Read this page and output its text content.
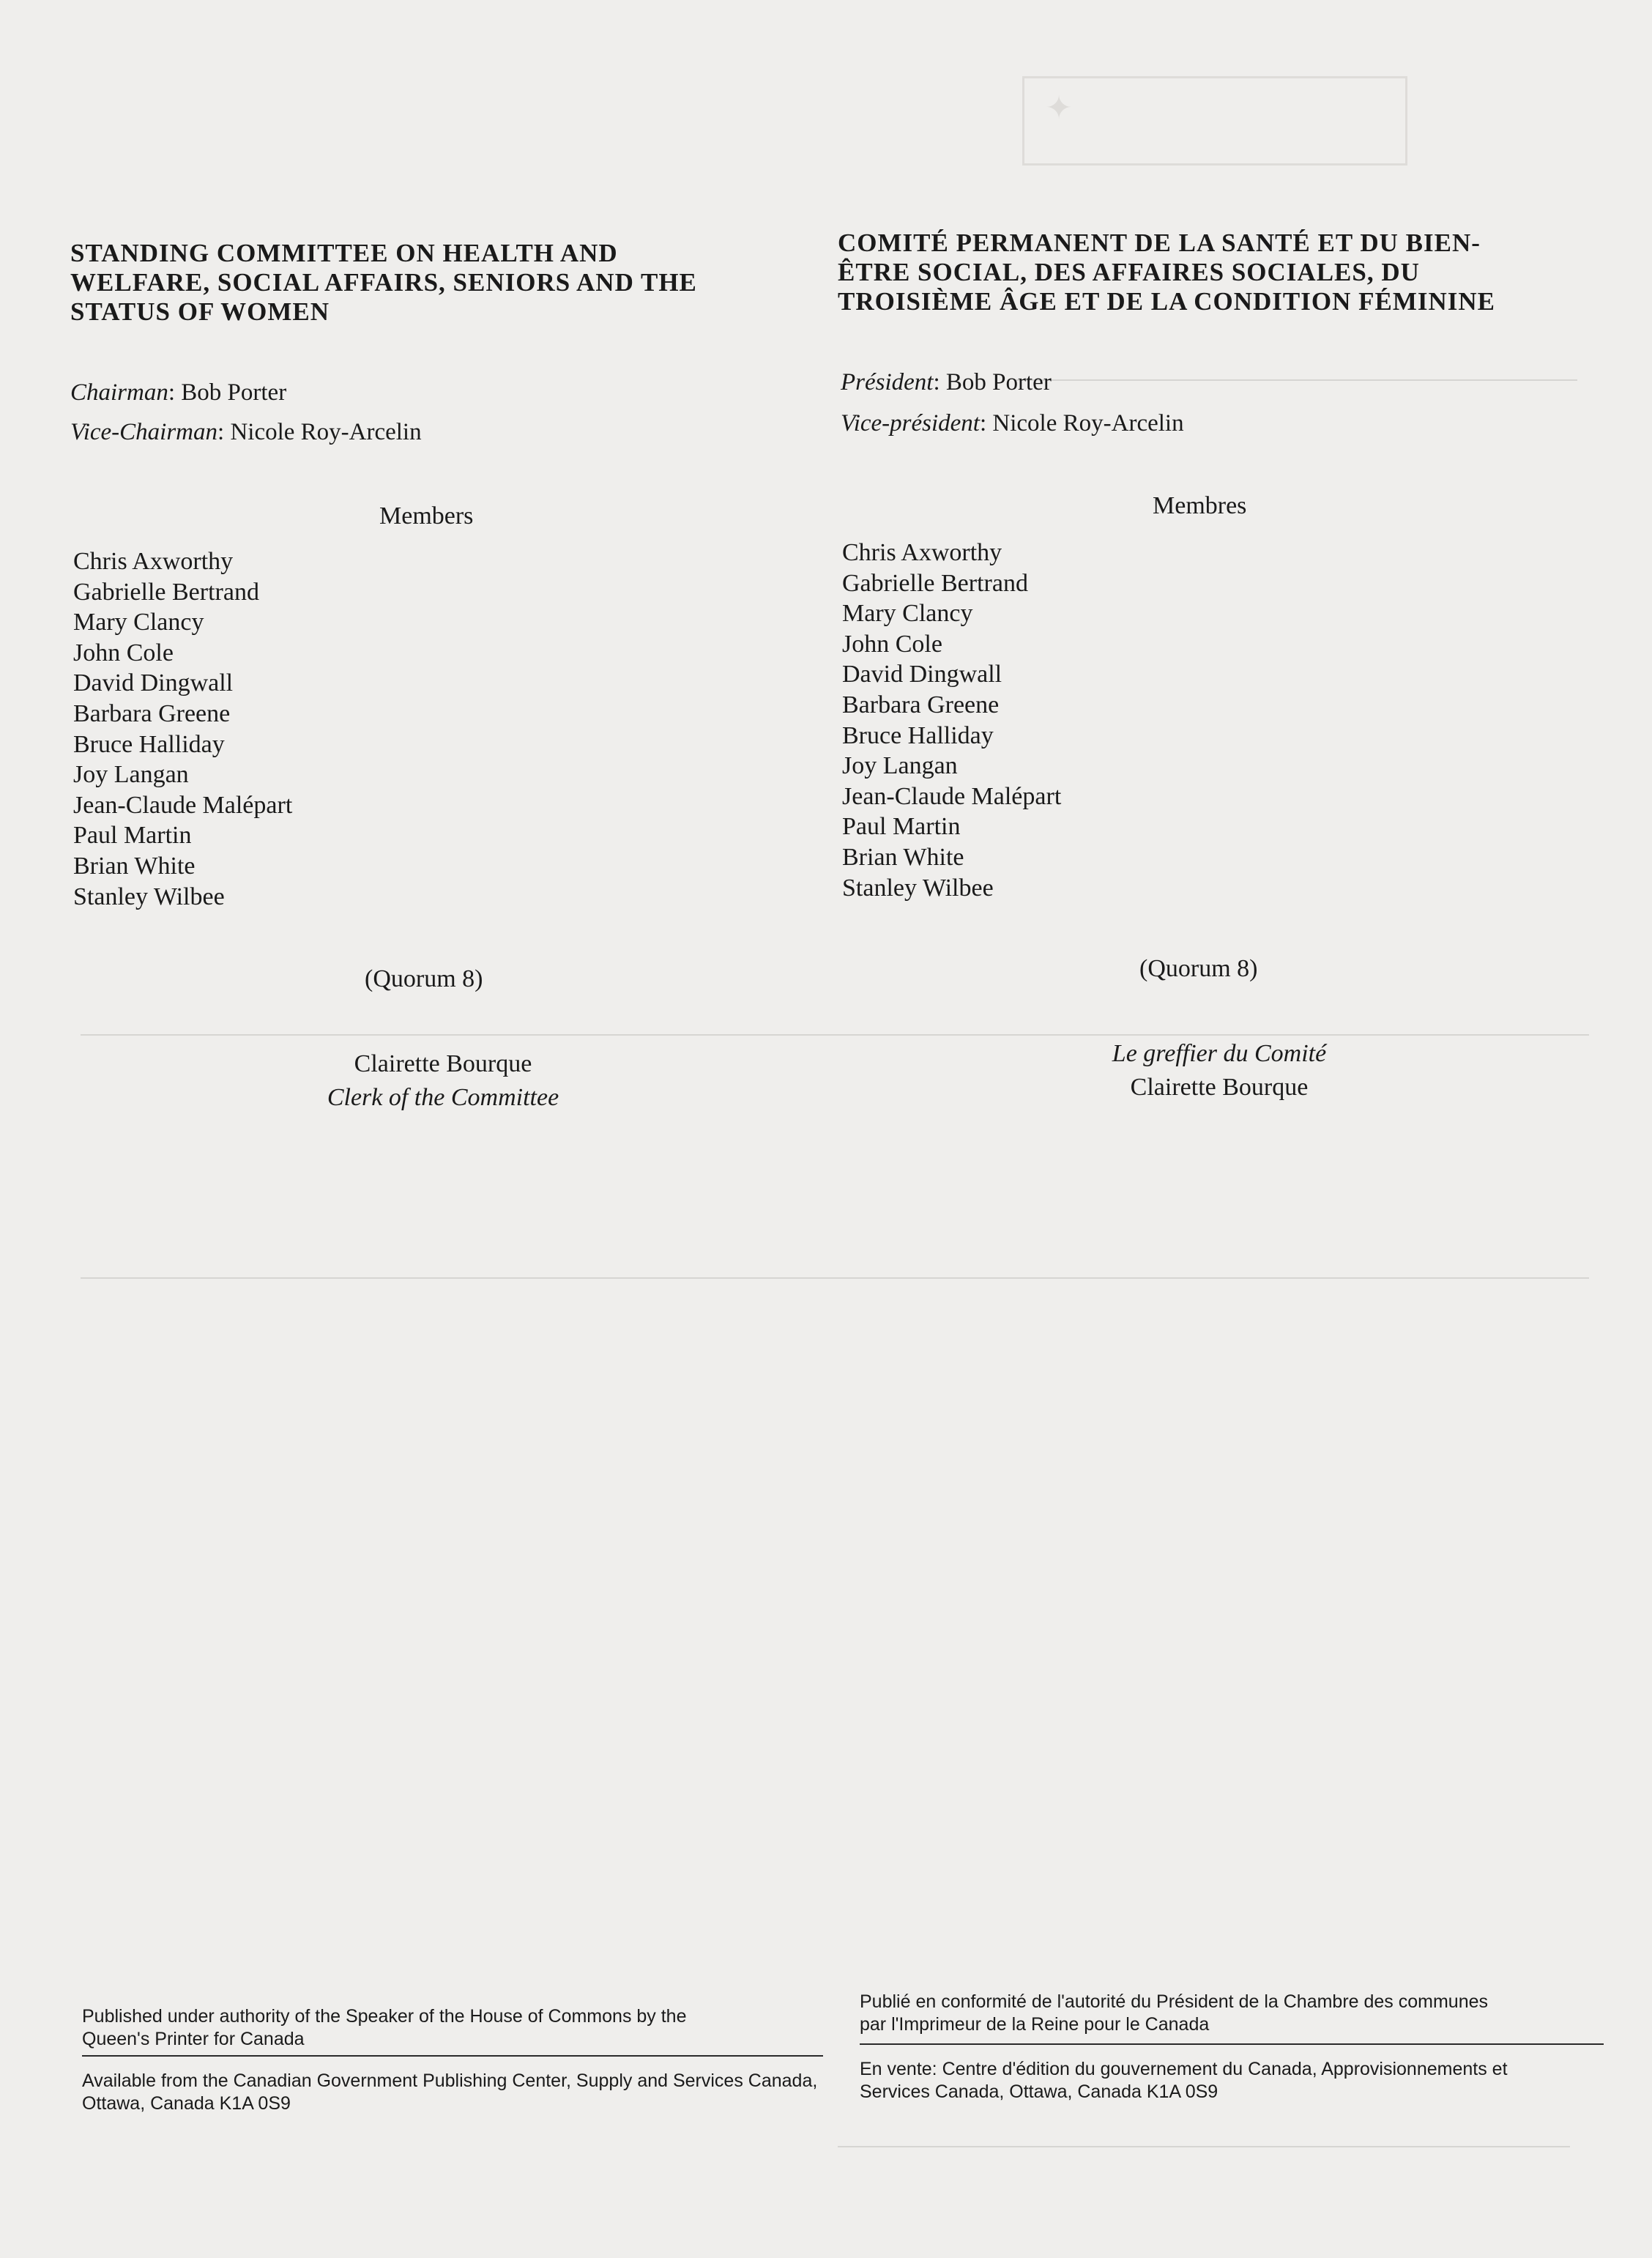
✦
STANDING COMMITTEE ON HEALTH AND WELFARE, SOCIAL AFFAIRS, SENIORS AND THE STATUS OF WOMEN

Chairman: Bob Porter

Vice-Chairman: Nicole Roy-Arcelin

Members

Chris Axworthy
Gabrielle Bertrand
Mary Clancy
John Cole
David Dingwall
Barbara Greene
Bruce Halliday
Joy Langan
Jean-Claude Malépart
Paul Martin
Brian White
Stanley Wilbee

(Quorum 8)

Clairette Bourque
Clerk of the Committee
COMITÉ PERMANENT DE LA SANTÉ ET DU BIEN-ÊTRE SOCIAL, DES AFFAIRES SOCIALES, DU TROISIÈME ÂGE ET DE LA CONDITION FÉMININE

Président: Bob Porter

Vice-président: Nicole Roy-Arcelin

Membres

Chris Axworthy
Gabrielle Bertrand
Mary Clancy
John Cole
David Dingwall
Barbara Greene
Bruce Halliday
Joy Langan
Jean-Claude Malépart
Paul Martin
Brian White
Stanley Wilbee

(Quorum 8)

Le greffier du Comité
Clairette Bourque

Published under authority of the Speaker of the House of Commons by the Queen's Printer for Canada

Available from the Canadian Government Publishing Center, Supply and Services Canada, Ottawa, Canada K1A 0S9

Publié en conformité de l'autorité du Président de la Chambre des communes par l'Imprimeur de la Reine pour le Canada

En vente: Centre d'édition du gouvernement du Canada, Approvisionnements et Services Canada, Ottawa, Canada K1A 0S9
